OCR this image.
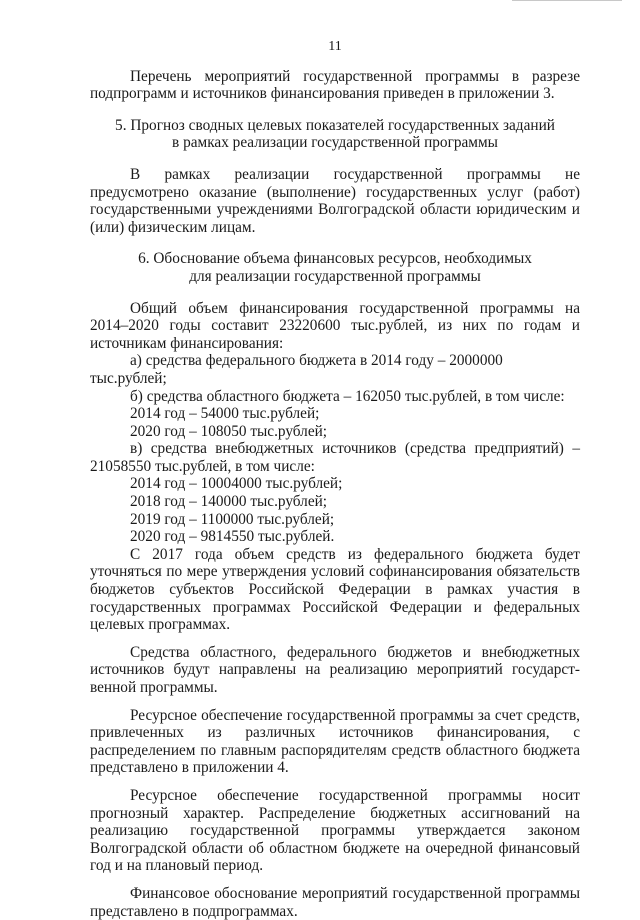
11

Перечень мероприятий государственной программы в разрезе подпрограмм и источников финансирования приведен в приложении 3.

5. Прогноз сводных целевых показателей государственных заданий
в рамках реализации государственной программы

В рамках реализации государственной программы не предусмотрено оказание (выполнение) государственных услуг (работ) государственными учреждениями Волгоградской области юридическим и (или) физическим лицам.

6. Обоснование объема финансовых ресурсов, необходимых
для реализации государственной программы

Общий объем финансирования государственной программы на 2014–2020 годы составит 23220600 тыс.рублей, из них по годам и источникам финансирования:

а) средства федерального бюджета в 2014 году – 2000000 тыс.рублей;

б) средства областного бюджета – 162050 тыс.рублей, в том числе:

2014 год – 54000 тыс.рублей;

2020 год – 108050 тыс.рублей;

в) средства внебюджетных источников (средства предприятий) – 21058550 тыс.рублей, в том числе:

2014 год – 10004000 тыс.рублей;

2018 год – 140000 тыс.рублей;

2019 год – 1100000 тыс.рублей;

2020 год – 9814550 тыс.рублей.

С 2017 года объем средств из федерального бюджета будет уточняться по мере утверждения условий софинансирования обязательств бюджетов субъектов Российской Федерации в рамках участия в государственных программах Российской Федерации и федеральных целевых программах.

Средства областного, федерального бюджетов и внебюджетных источников будут направлены на реализацию мероприятий государст-венной программы.

Ресурсное обеспечение государственной программы за счет средств, привлеченных из различных источников финансирования, с распределением по главным распорядителям средств областного бюджета представлено в приложении 4.

Ресурсное обеспечение государственной программы носит прогнозный характер. Распределение бюджетных ассигнований на реализацию государственной программы утверждается законом Волгоградской области об областном бюджете на очередной финансовый год и на плановый период.

Финансовое обоснование мероприятий государственной программы представлено в подпрограммах.
